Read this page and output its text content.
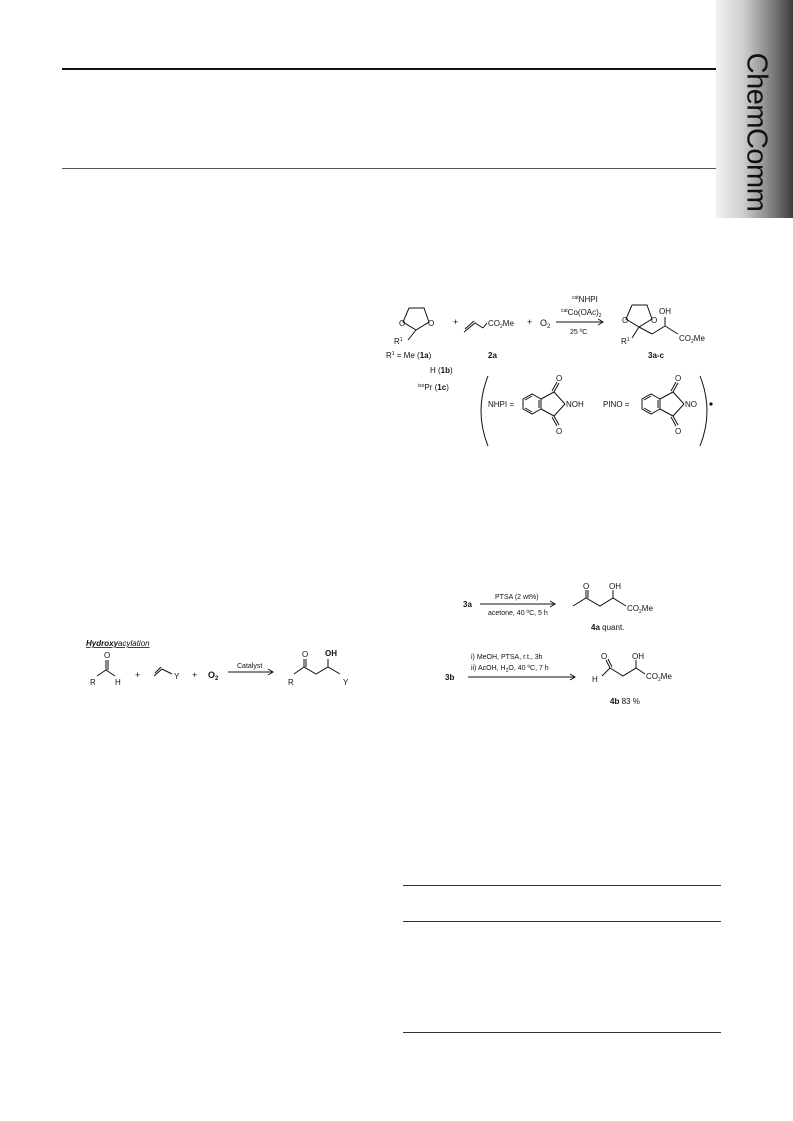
ChemComm
O	O
$R^1$
+	$CO_2Me + O_2$
$^{cat}$NHPI
$^{cat}Co(OAc)_2$
25 ºC
O	O
$R^1$
OH
$CO_2Me$
2a	3a-c
$R^1 = Me$ (1a)
H (1b)
$^{iso}$Pr (1c)
NHPI =	NOH
O
O
PINO =	NO
O
O
3a
PTSA (2 wt%)
acetone, 40 ºC, 5 h
O OH
$CO_2Me$
4a quant.
3b
i) MeOH, PTSA, r.t., 3h
ii) AcOH, $H_2O$, 40 ºC, 7 h
O
H
OH
$CO_2Me$
4b 83 %
Hydroxyacylation
O
R H
+	$Y + O_2$
Catalyst
O
R
OH
Y
